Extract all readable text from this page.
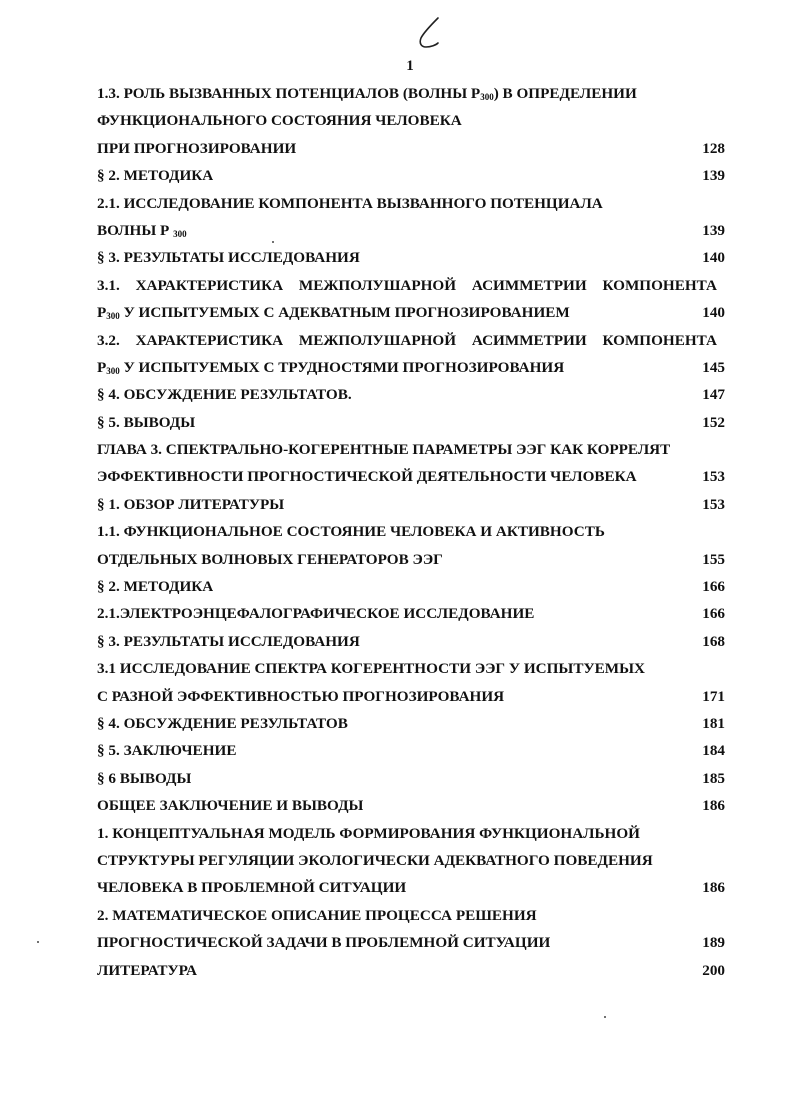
1
1.3. РОЛЬ ВЫЗВАННЫХ ПОТЕНЦИАЛОВ (ВОЛНЫ $P_{300}$) В ОПРЕДЕЛЕНИИ
ФУНКЦИОНАЛЬНОГО СОСТОЯНИЯ ЧЕЛОВЕКА
ПРИ ПРОГНОЗИРОВАНИИ	128
§ 2. МЕТОДИКА	139
2.1. ИССЛЕДОВАНИЕ КОМПОНЕНТА ВЫЗВАННОГО ПОТЕНЦИАЛА
ВОЛНЫ Р $_{300}$	139
§ 3. РЕЗУЛЬТАТЫ ИССЛЕДОВАНИЯ	140
3.1. ХАРАКТЕРИСТИКА МЕЖПОЛУШАРНОЙ АСИММЕТРИИ КОМПОНЕНТА
$Р_{300}$ У ИСПЫТУЕМЫХ С АДЕКВАТНЫМ ПРОГНОЗИРОВАНИЕМ	140
3.2. ХАРАКТЕРИСТИКА МЕЖПОЛУШАРНОЙ АСИММЕТРИИ КОМПОНЕНТА
$Р_{300}$ У ИСПЫТУЕМЫХ С ТРУДНОСТЯМИ ПРОГНОЗИРОВАНИЯ	145
§ 4. ОБСУЖДЕНИЕ РЕЗУЛЬТАТОВ.	147
§ 5. ВЫВОДЫ	152
ГЛАВА 3. СПЕКТРАЛЬНО-КОГЕРЕНТНЫЕ ПАРАМЕТРЫ ЭЭГ КАК КОРРЕЛЯТ
ЭФФЕКТИВНОСТИ ПРОГНОСТИЧЕСКОЙ ДЕЯТЕЛЬНОСТИ ЧЕЛОВЕКА	153
§ 1. ОБЗОР ЛИТЕРАТУРЫ	153
1.1. ФУНКЦИОНАЛЬНОЕ СОСТОЯНИЕ ЧЕЛОВЕКА И АКТИВНОСТЬ
ОТДЕЛЬНЫХ ВОЛНОВЫХ ГЕНЕРАТОРОВ ЭЭГ	155
§ 2. МЕТОДИКА	166
2.1.ЭЛЕКТРОЭНЦЕФАЛОГРАФИЧЕСКОЕ ИССЛЕДОВАНИЕ	166
§ 3. РЕЗУЛЬТАТЫ ИССЛЕДОВАНИЯ	168
3.1 ИССЛЕДОВАНИЕ СПЕКТРА КОГЕРЕНТНОСТИ ЭЭГ У ИСПЫТУЕМЫХ
С РАЗНОЙ ЭФФЕКТИВНОСТЬЮ ПРОГНОЗИРОВАНИЯ	171
§ 4. ОБСУЖДЕНИЕ РЕЗУЛЬТАТОВ	181
§ 5. ЗАКЛЮЧЕНИЕ	184
§ 6 ВЫВОДЫ	185
ОБЩЕЕ ЗАКЛЮЧЕНИЕ И ВЫВОДЫ	186
1. КОНЦЕПТУАЛЬНАЯ МОДЕЛЬ ФОРМИРОВАНИЯ ФУНКЦИОНАЛЬНОЙ
СТРУКТУРЫ РЕГУЛЯЦИИ ЭКОЛОГИЧЕСКИ АДЕКВАТНОГО ПОВЕДЕНИЯ
ЧЕЛОВЕКА В ПРОБЛЕМНОЙ СИТУАЦИИ	186
2. МАТЕМАТИЧЕСКОЕ ОПИСАНИЕ ПРОЦЕССА РЕШЕНИЯ
ПРОГНОСТИЧЕСКОЙ ЗАДАЧИ В ПРОБЛЕМНОЙ СИТУАЦИИ	189
ЛИТЕРАТУРА	200
